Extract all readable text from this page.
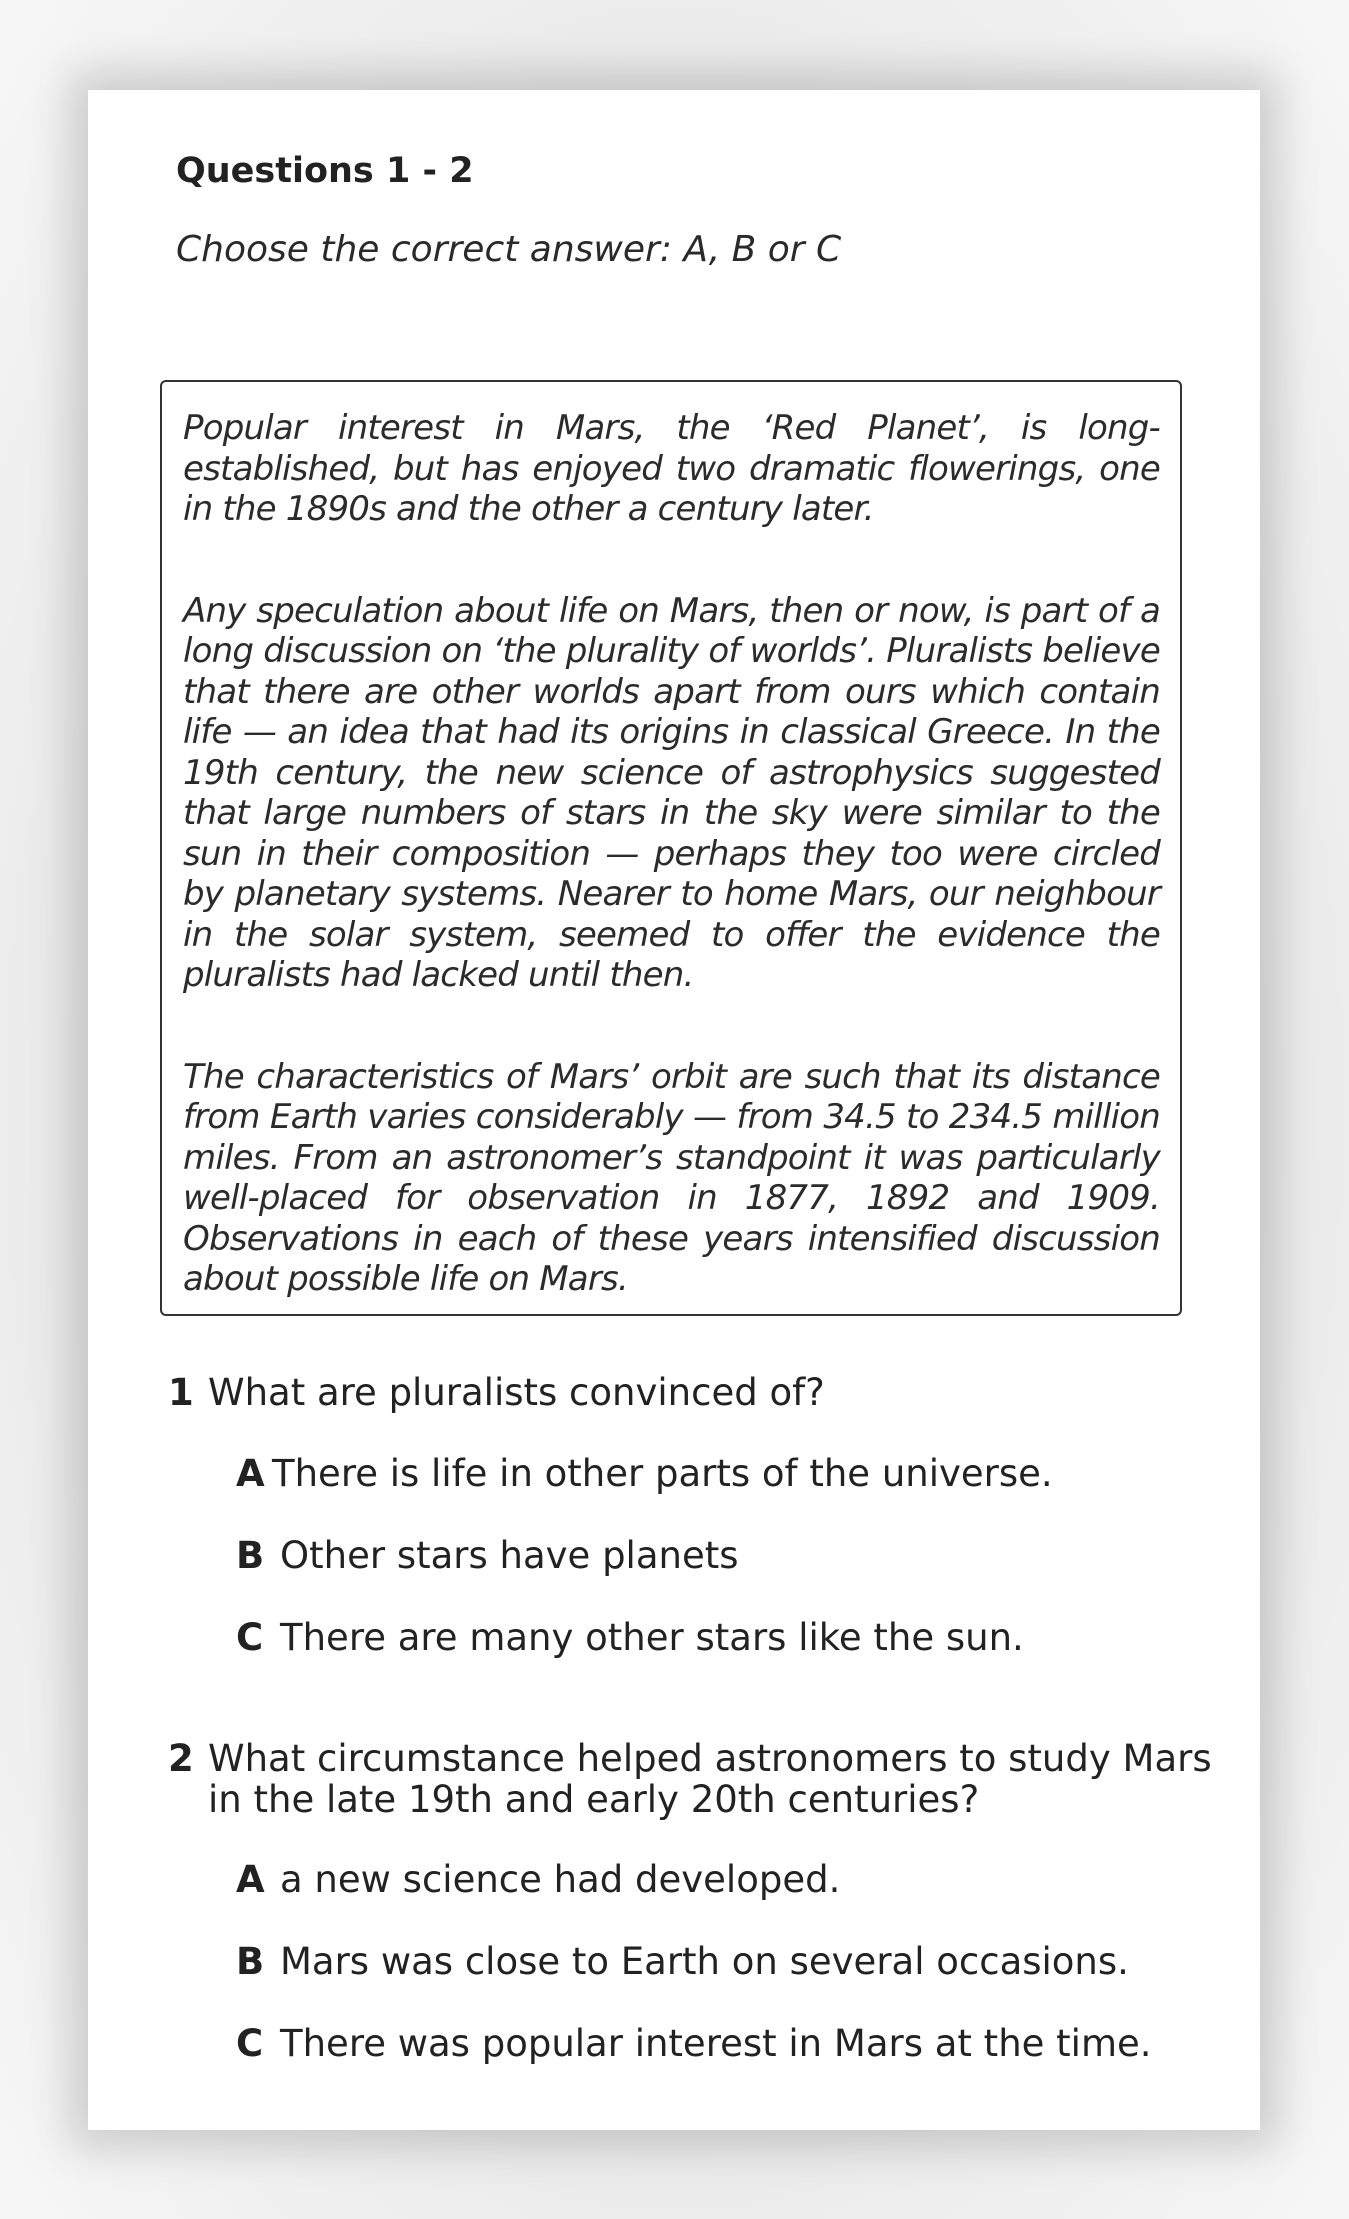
Questions 1 - 2

Choose the correct answer: A, B or C

Popular interest in Mars, the ‘Red Planet’, is long-established, but has enjoyed two dramatic flowerings, one in the 1890s and the other a century later.

Any speculation about life on Mars, then or now, is part of a long discussion on ‘the plurality of worlds’. Pluralists believe that there are other worlds apart from ours which contain life — an idea that had its origins in classical Greece. In the 19th century, the new science of astrophysics suggested that large numbers of stars in the sky were similar to the sun in their composition — perhaps they too were circled by planetary systems. Nearer to home Mars, our neighbour in the solar system, seemed to offer the evidence the pluralists had lacked until then.

The characteristics of Mars’ orbit are such that its distance from Earth varies considerably — from 34.5 to 234.5 million miles. From an astronomer’s standpoint it was particularly well-placed for observation in 1877, 1892 and 1909. Observations in each of these years intensified discussion about possible life on Mars.

1 What are pluralists convinced of?
A There is life in other parts of the universe.
B Other stars have planets
C There are many other stars like the sun.
2 What circumstance helped astronomers to study Mars in the late 19th and early 20th centuries?
A a new science had developed.
B Mars was close to Earth on several occasions.
C There was popular interest in Mars at the time.
